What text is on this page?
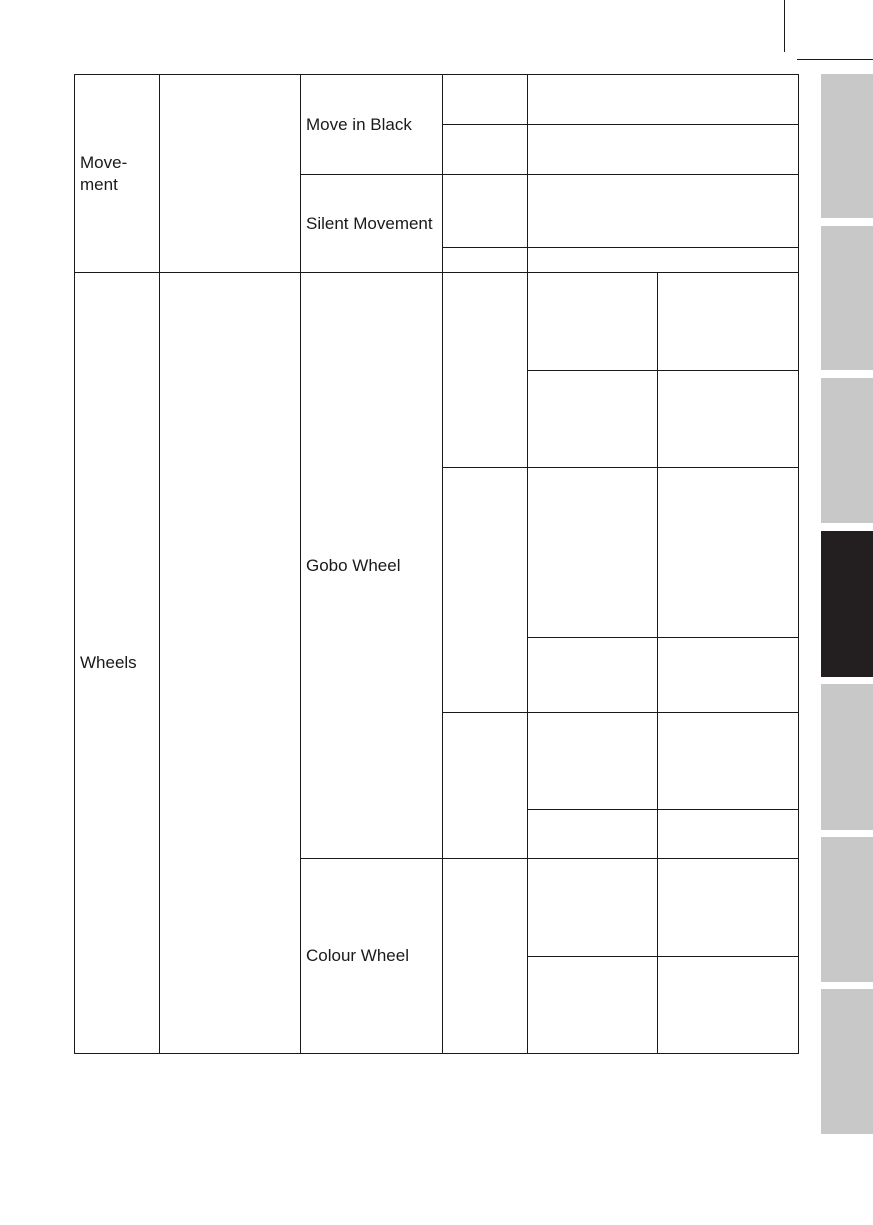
Move-
ment
Wheels
Move in Black
Silent Movement
Gobo Wheel
Colour Wheel
